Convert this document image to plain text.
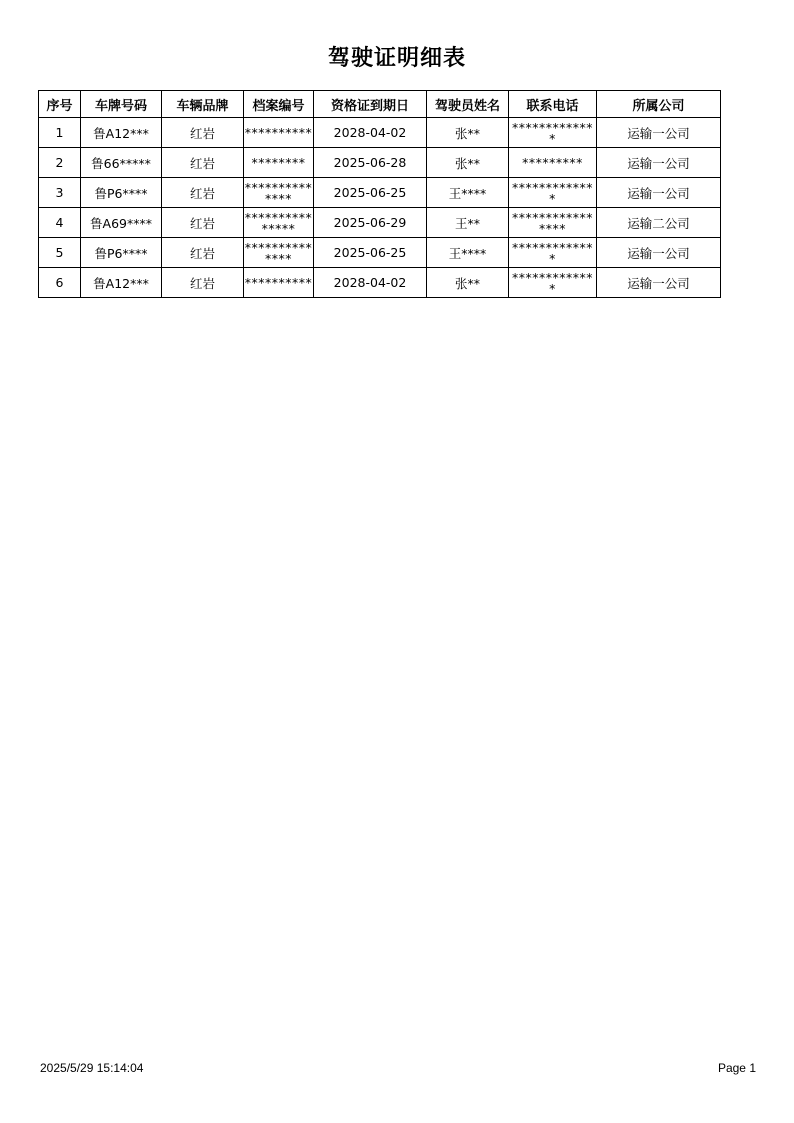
驾驶证明细表
序号	车牌号码	车辆品牌	档案编号	资格证到期日	驾驶员姓名	联系电话	所属公司
1	鲁A12***	红岩	**********	2028-04-02	张**	*************	运输一公司
2	鲁66*****	红岩	********	2025-06-28	张**	*********	运输一公司
3	鲁P6****	红岩	**************	2025-06-25	王****	*************	运输一公司
4	鲁A69****	红岩	***************	2025-06-29	王**	****************	运输二公司
5	鲁P6****	红岩	**************	2025-06-25	王****	*************	运输一公司
6	鲁A12***	红岩	**********	2028-04-02	张**	*************	运输一公司
2025/5/29 15:14:04	Page 1
